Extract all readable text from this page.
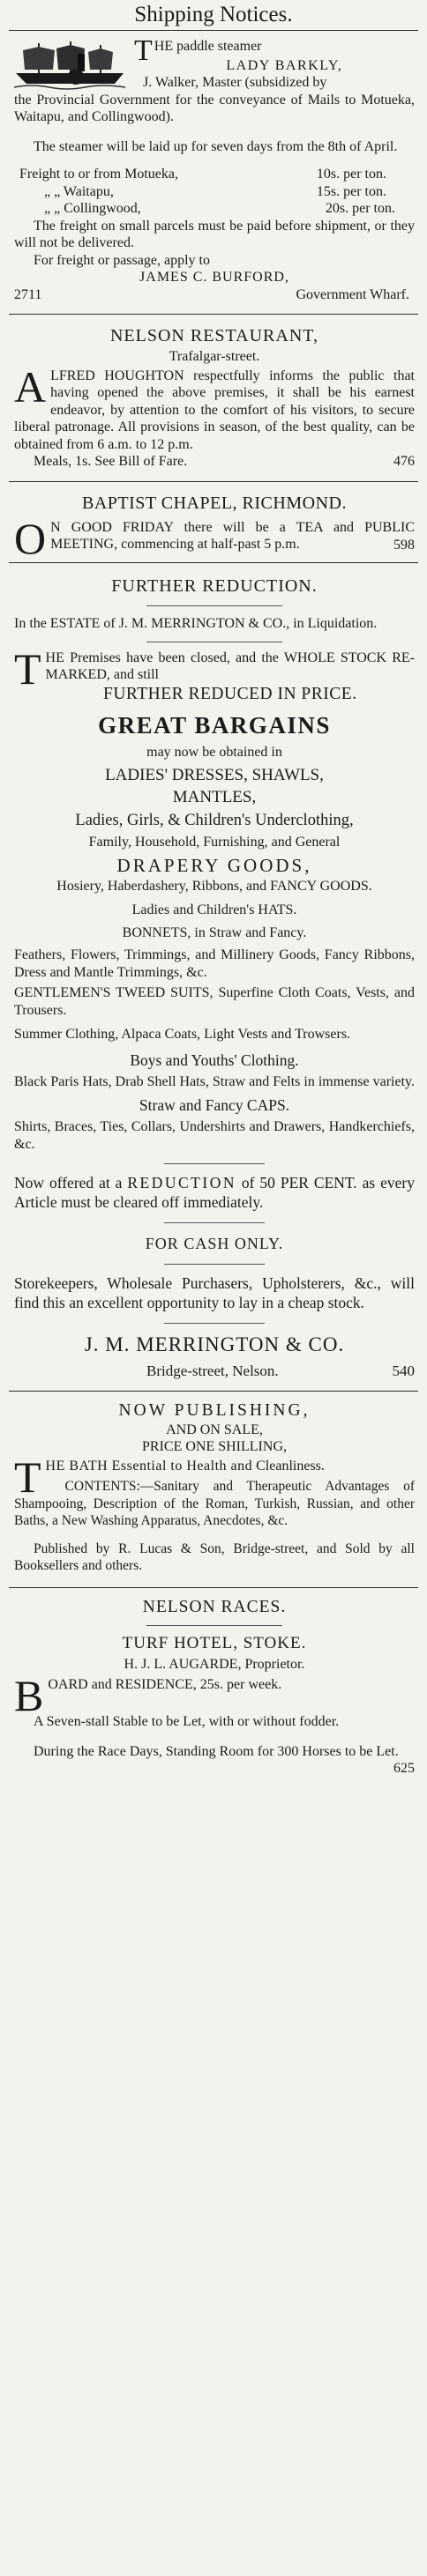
Shipping Notices.

THE paddle steamer

LADY BARKLY,

J. Walker, Master (subsidized by

the Provincial Government for the conveyance of Mails to Motueka, Waitapu, and Collingwood).

The steamer will be laid up for seven days from the 8th of April.

Freight to or from Motueka,	10s. per ton.
„ „ Waitapu,	15s. per ton.
„ „ Collingwood,	20s. per ton.

The freight on small parcels must be paid before shipment, or they will not be delivered.

For freight or passage, apply to

JAMES C. BURFORD,

2711	Government Wharf.

NELSON RESTAURANT,

Trafalgar-street.

ALFRED HOUGHTON respectfully informs the public that having opened the above premises, it shall be his earnest endeavor, by attention to the comfort of his visitors, to secure liberal patronage. All provisions in season, of the best quality, can be obtained from 6 a.m. to 12 p.m.
Meals, 1s. See Bill of Fare.	476

BAPTIST CHAPEL, RICHMOND.

O N GOOD FRIDAY there will be a TEA and PUBLIC MEETING, commencing at half-past 5 p.m.	598

FURTHER REDUCTION.

In the ESTATE of J. M. MERRINGTON & CO., in Liquidation.

THE Premises have been closed, and the WHOLE STOCK RE-MARKED, and still

FURTHER REDUCED IN PRICE.

GREAT BARGAINS

may now be obtained in

LADIES' DRESSES, SHAWLS,

MANTLES,

Ladies, Girls, & Children's Underclothing,

Family, Household, Furnishing, and General

DRAPERY GOODS,

Hosiery, Haberdashery, Ribbons, and FANCY GOODS.

Ladies and Children's HATS.

BONNETS, in Straw and Fancy.

Feathers, Flowers, Trimmings, and Millinery Goods, Fancy Ribbons, Dress and Mantle Trimmings, &c.

GENTLEMEN'S TWEED SUITS, Superfine Cloth Coats, Vests, and Trousers.

Summer Clothing, Alpaca Coats, Light Vests and Trowsers.

Boys and Youths' Clothing.

Black Paris Hats, Drab Shell Hats, Straw and Felts in immense variety.

Straw and Fancy CAPS.

Shirts, Braces, Ties, Collars, Undershirts and Drawers, Handkerchiefs, &c.

Now offered at a REDUCTION of 50 PER CENT. as every Article must be cleared off immediately.

FOR CASH ONLY.

Storekeepers, Wholesale Purchasers, Upholsterers, &c., will find this an excellent opportunity to lay in a cheap stock.

J. M. MERRINGTON & CO.

Bridge-street, Nelson.	540

NOW PUBLISHING,

AND ON SALE,

PRICE ONE SHILLING,

THE BATH Essential to Health and Cleanliness.

CONTENTS:—Sanitary and Therapeutic Advantages of Shampooing, Description of the Roman, Turkish, Russian, and other Baths, a New Washing Apparatus, Anecdotes, &c.

Published by R. Lucas & Son, Bridge-street, and Sold by all Booksellers and others.

NELSON RACES.

TURF HOTEL, STOKE.

H. J. L. AUGARDE, Proprietor.

BOARD and RESIDENCE, 25s. per week.

A Seven-stall Stable to be Let, with or without fodder.

During the Race Days, Standing Room for 300 Horses to be Let.

625
